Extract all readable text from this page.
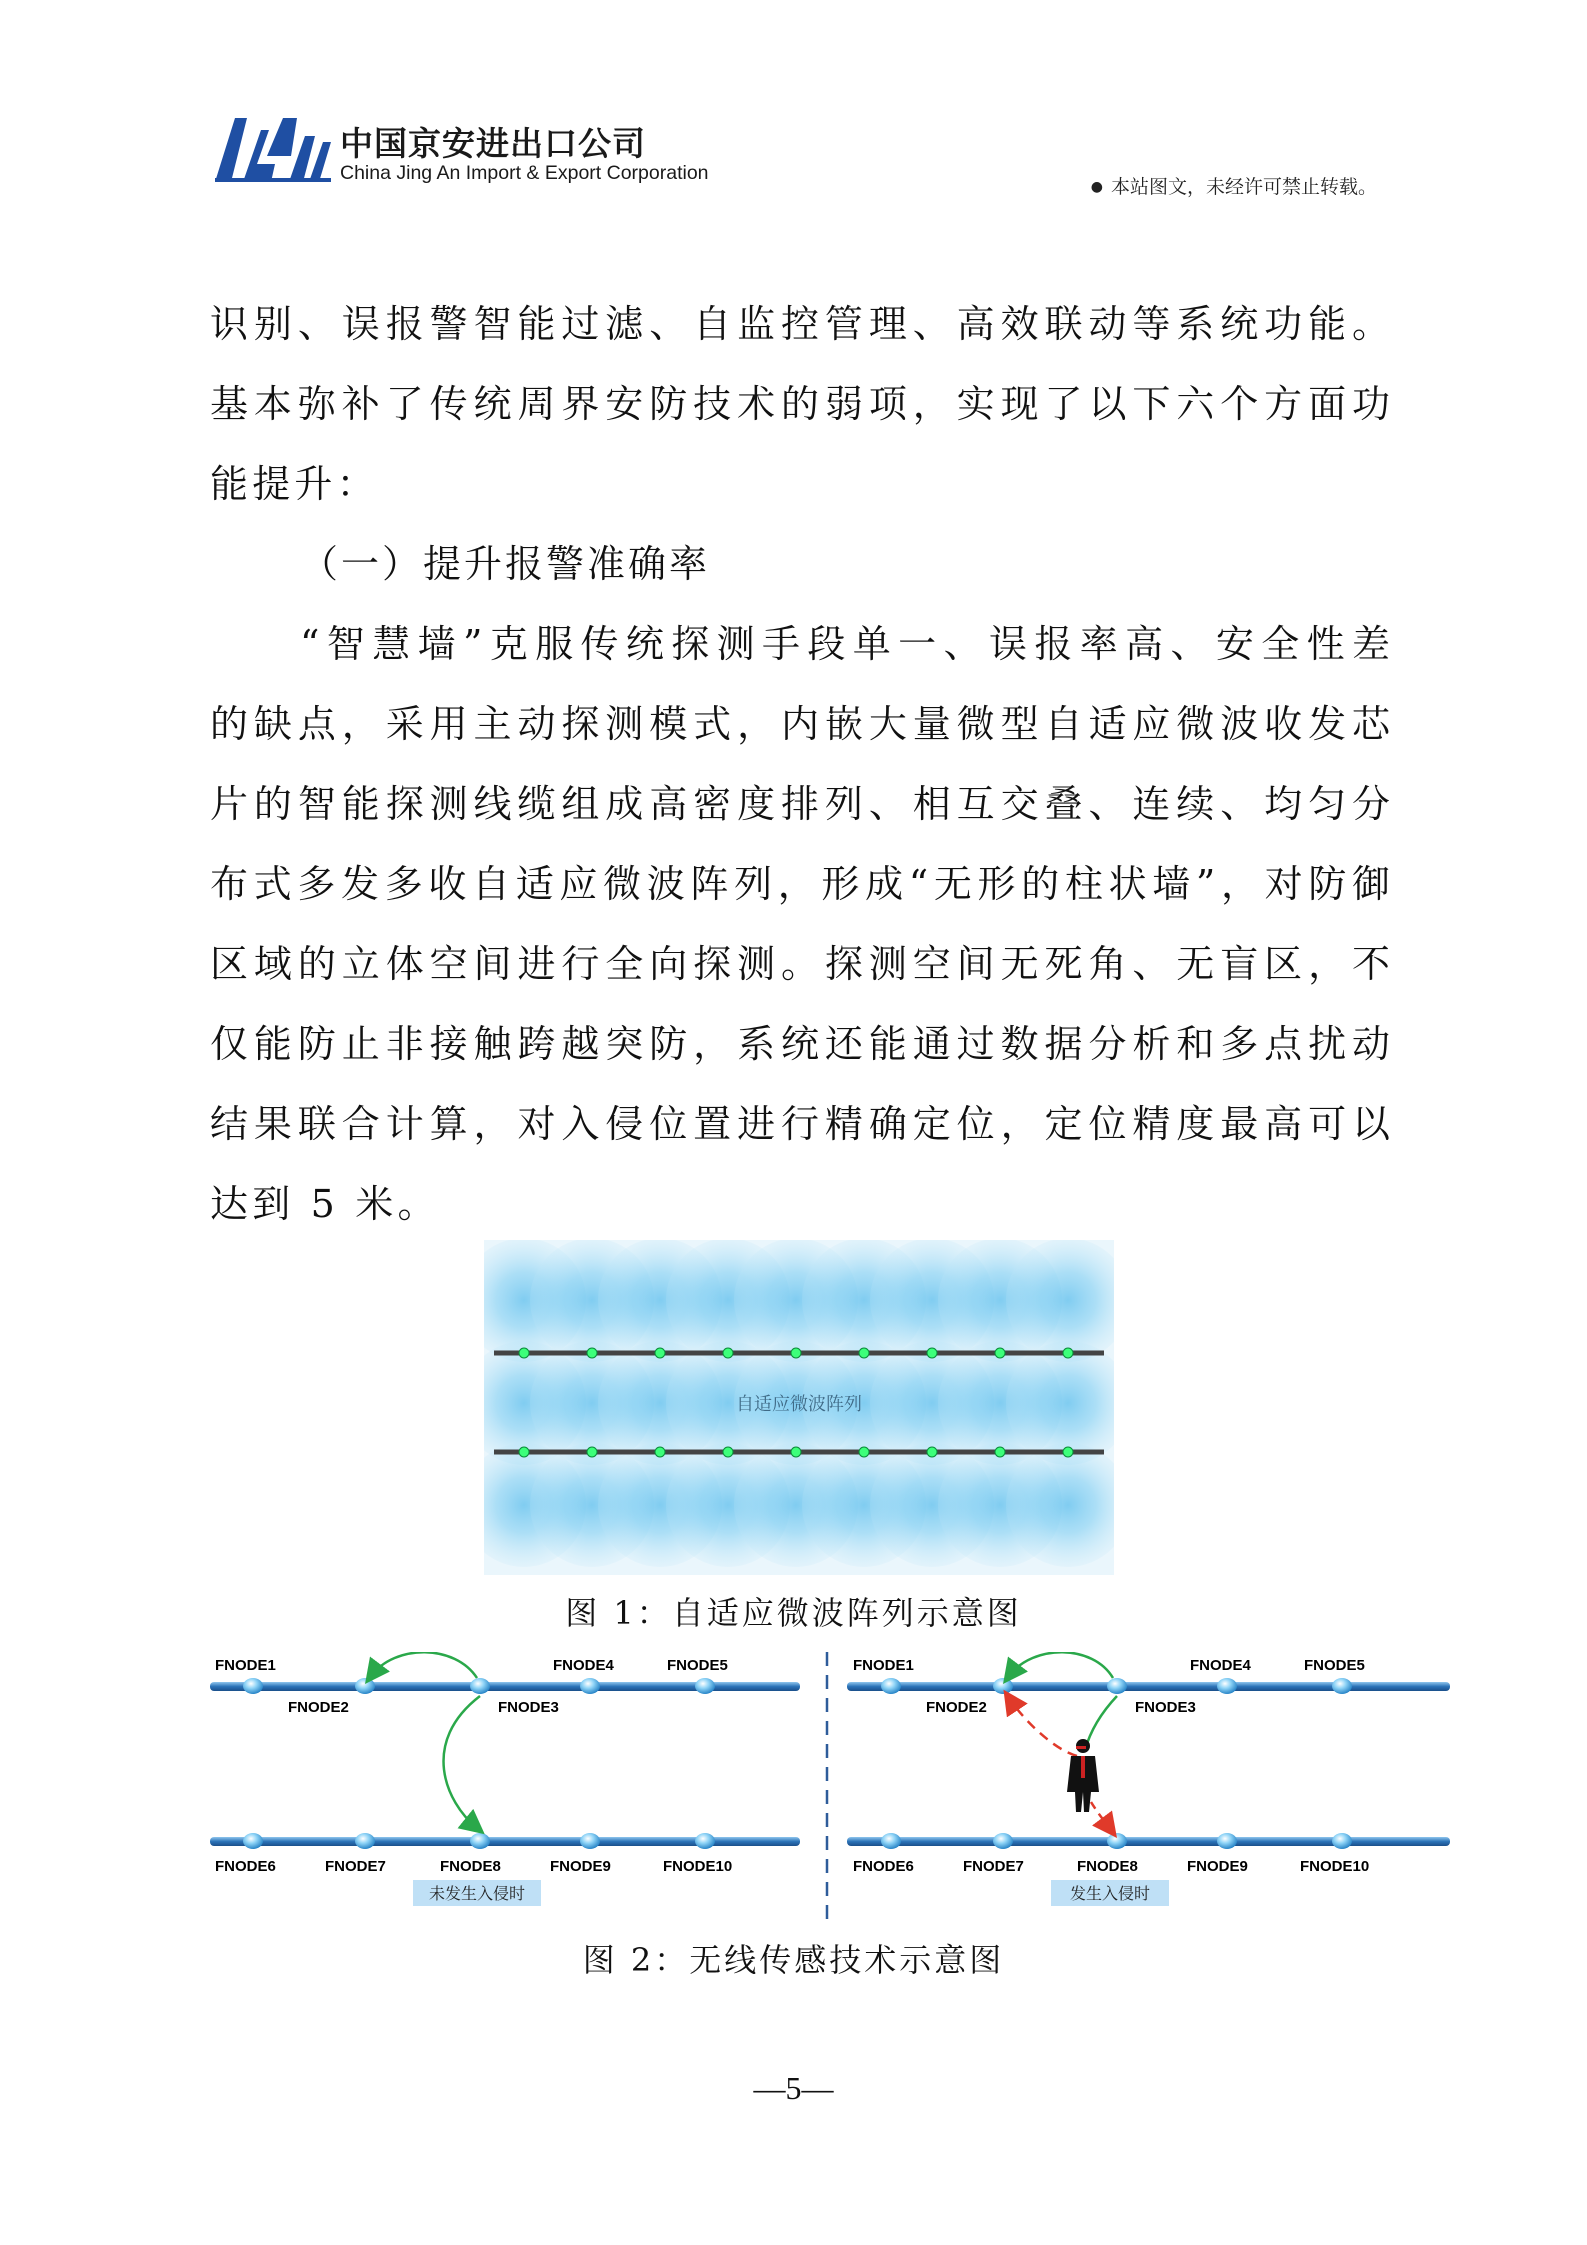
中国京安进出口公司
China Jing An Import & Export Corporation
● 本站图文，未经许可禁止转载。
识别、误报警智能过滤、自监控管理、高效联动等系统功能。
基本弥补了传统周界安防技术的弱项，实现了以下六个方面功
能提升：
（一）提升报警准确率
“智慧墙”克服传统探测手段单一、误报率高、安全性差
的缺点，采用主动探测模式，内嵌大量微型自适应微波收发芯
片的智能探测线缆组成高密度排列、相互交叠、连续、均匀分
布式多发多收自适应微波阵列，形成“无形的柱状墙”，对防御
区域的立体空间进行全向探测。探测空间无死角、无盲区，不
仅能防止非接触跨越突防，系统还能通过数据分析和多点扰动
结果联合计算，对入侵位置进行精确定位，定位精度最高可以
达到 5 米。
自适应微波阵列
图 1：自适应微波阵列示意图
FNODE1
FNODE2	FNODE3
FNODE4	FNODE5
FNODE6	FNODE7	FNODE8	FNODE9	FNODE10
未发生入侵时
FNODE1
FNODE2	FNODE3
FNODE4	FNODE5
FNODE6	FNODE7	FNODE8	FNODE9	FNODE10
发生入侵时
图 2：无线传感技术示意图
—5—
